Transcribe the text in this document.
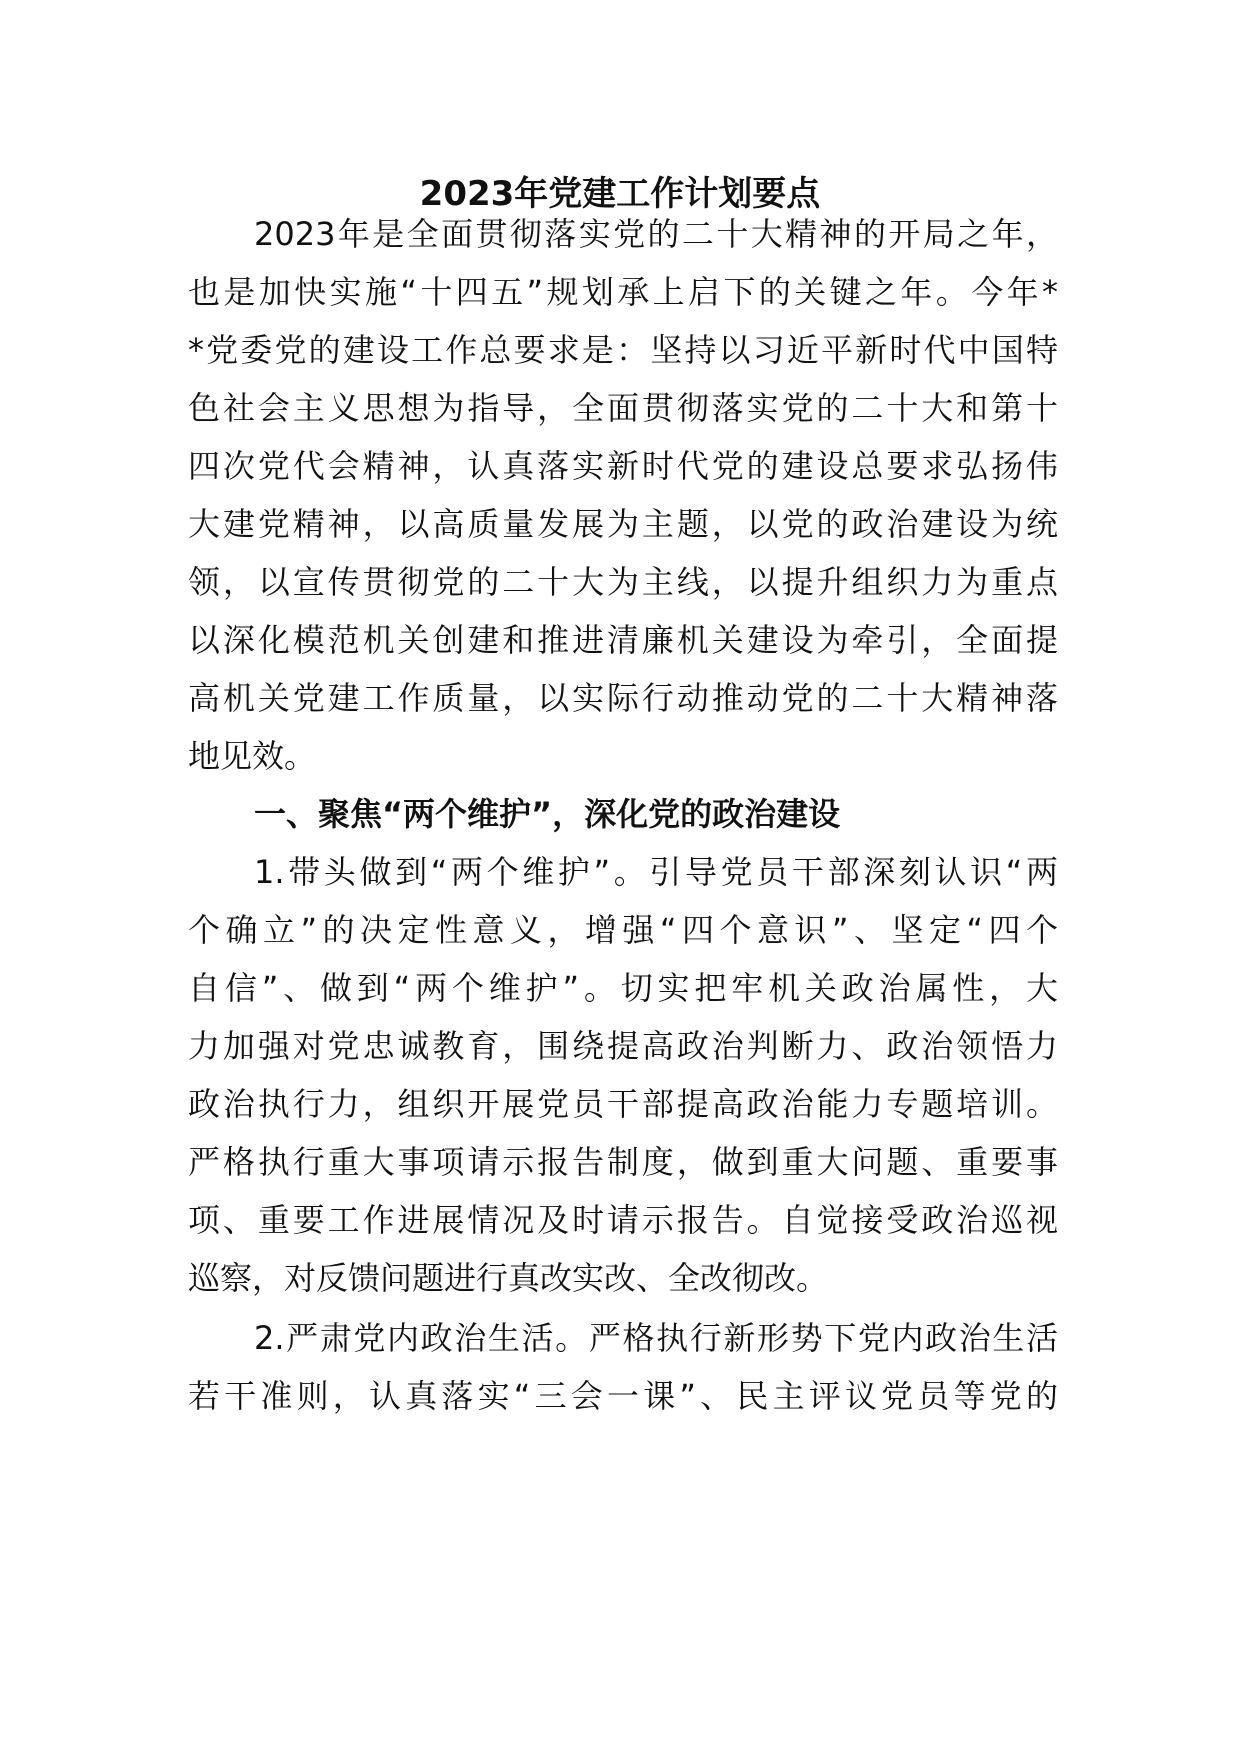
2023年党建工作计划要点
2023年是全面贯彻落实党的二十大精神的开局之年，
也是加快实施“十四五”规划承上启下的关键之年。今年*
*党委党的建设工作总要求是：坚持以习近平新时代中国特
色社会主义思想为指导，全面贯彻落实党的二十大和第十
四次党代会精神，认真落实新时代党的建设总要求弘扬伟
大建党精神，以高质量发展为主题，以党的政治建设为统
领，以宣传贯彻党的二十大为主线，以提升组织力为重点
以深化模范机关创建和推进清廉机关建设为牵引，全面提
高机关党建工作质量，以实际行动推动党的二十大精神落
地见效。
一、聚焦“两个维护”，深化党的政治建设
1.带头做到“两个维护”。引导党员干部深刻认识“两
个确立”的决定性意义，增强“四个意识”、坚定“四个
自信”、做到“两个维护”。切实把牢机关政治属性，大
力加强对党忠诚教育，围绕提高政治判断力、政治领悟力
政治执行力，组织开展党员干部提高政治能力专题培训。
严格执行重大事项请示报告制度，做到重大问题、重要事
项、重要工作进展情况及时请示报告。自觉接受政治巡视
巡察，对反馈问题进行真改实改、全改彻改。
2.严肃党内政治生活。严格执行新形势下党内政治生活
若干准则，认真落实“三会一课”、民主评议党员等党的
